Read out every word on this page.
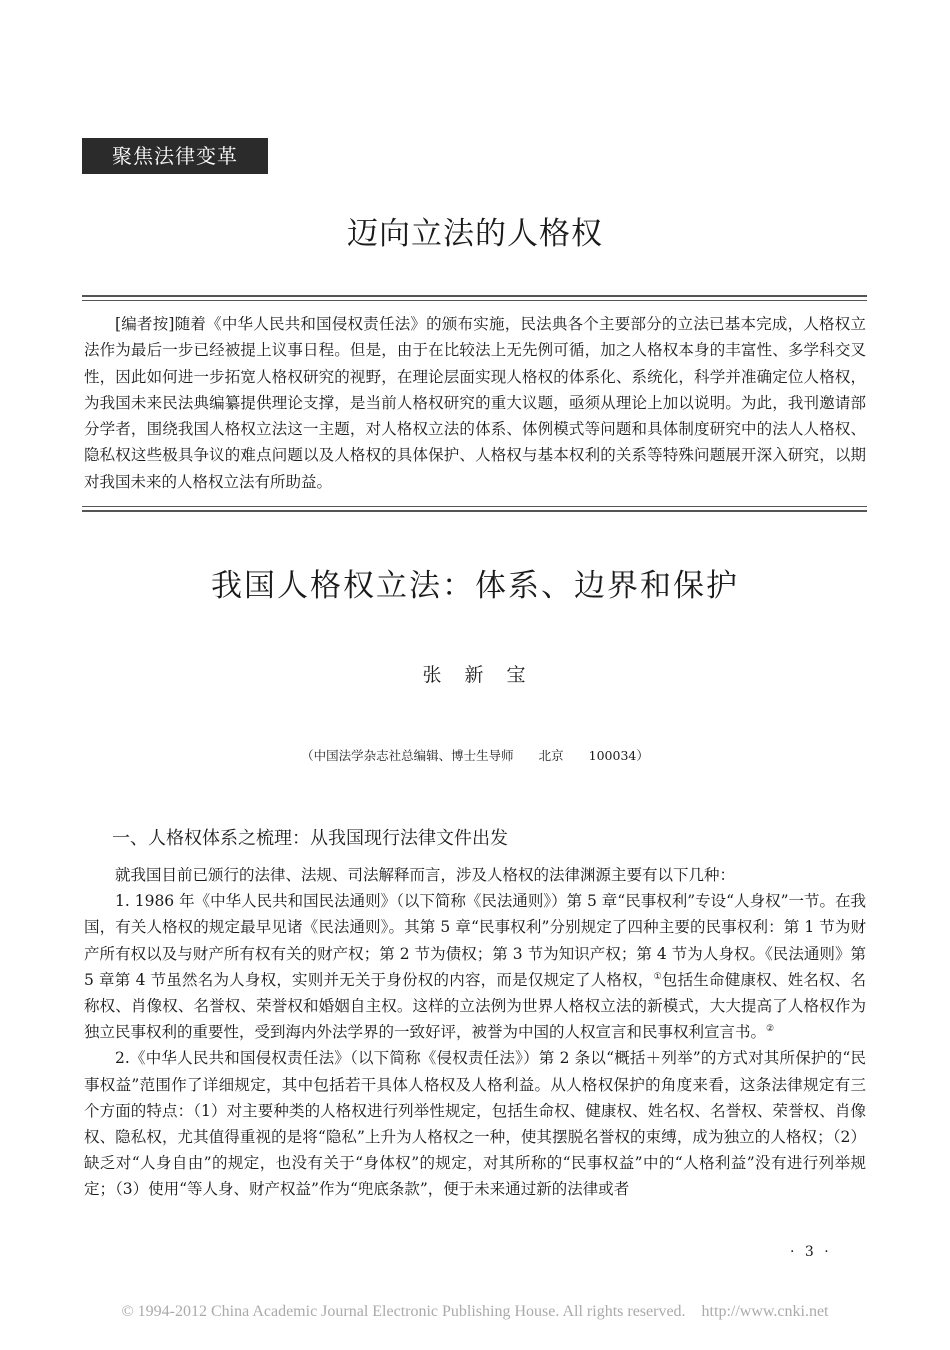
聚焦法律变革
迈向立法的人格权
[编者按]随着《中华人民共和国侵权责任法》的颁布实施，民法典各个主要部分的立法已基本完成，人格权立法作为最后一步已经被提上议事日程。但是，由于在比较法上无先例可循，加之人格权本身的丰富性、多学科交叉性，因此如何进一步拓宽人格权研究的视野，在理论层面实现人格权的体系化、系统化，科学并准确定位人格权，为我国未来民法典编纂提供理论支撑，是当前人格权研究的重大议题，亟须从理论上加以说明。为此，我刊邀请部分学者，围绕我国人格权立法这一主题，对人格权立法的体系、体例模式等问题和具体制度研究中的法人人格权、隐私权这些极具争议的难点问题以及人格权的具体保护、人格权与基本权利的关系等特殊问题展开深入研究，以期对我国未来的人格权立法有所助益。
我国人格权立法：体系、边界和保护
张　新　宝
（中国法学杂志社总编辑、博士生导师　　北京　　100034）
一、人格权体系之梳理：从我国现行法律文件出发

就我国目前已颁行的法律、法规、司法解释而言，涉及人格权的法律渊源主要有以下几种：

1. 1986 年《中华人民共和国民法通则》（以下简称《民法通则》）第 5 章“民事权利”专设“人身权”一节。在我国，有关人格权的规定最早见诸《民法通则》。其第 5 章“民事权利”分别规定了四种主要的民事权利：第 1 节为财产所有权以及与财产所有权有关的财产权；第 2 节为债权；第 3 节为知识产权；第 4 节为人身权。《民法通则》第 5 章第 4 节虽然名为人身权，实则并无关于身份权的内容，而是仅规定了人格权，①包括生命健康权、姓名权、名称权、肖像权、名誉权、荣誉权和婚姻自主权。这样的立法例为世界人格权立法的新模式，大大提高了人格权作为独立民事权利的重要性，受到海内外法学界的一致好评，被誉为中国的人权宣言和民事权利宣言书。②

2.《中华人民共和国侵权责任法》（以下简称《侵权责任法》）第 2 条以“概括＋列举”的方式对其所保护的“民事权益”范围作了详细规定，其中包括若干具体人格权及人格利益。从人格权保护的角度来看，这条法律规定有三个方面的特点：（1）对主要种类的人格权进行列举性规定，包括生命权、健康权、姓名权、名誉权、荣誉权、肖像权、隐私权，尤其值得重视的是将“隐私”上升为人格权之一种，使其摆脱名誉权的束缚，成为独立的人格权；（2）缺乏对“人身自由”的规定，也没有关于“身体权”的规定，对其所称的“民事权益”中的“人格利益”没有进行列举规定；（3）使用“等人身、财产权益”作为“兜底条款”，便于未来通过新的法律或者

· 3 ·
© 1994-2012 China Academic Journal Electronic Publishing House. All rights reserved.    http://www.cnki.net
